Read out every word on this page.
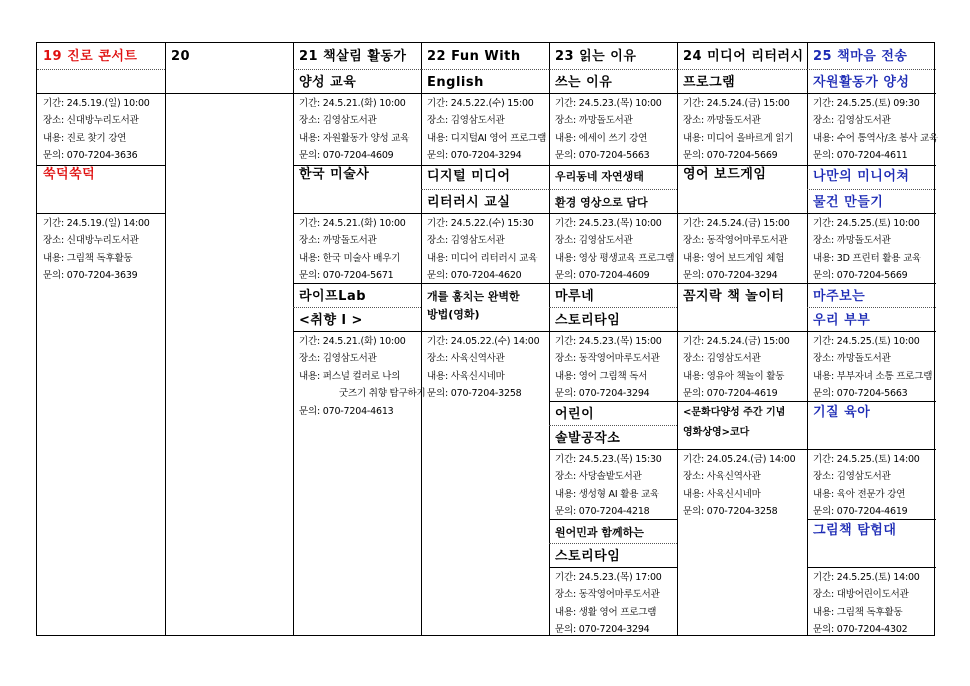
19 진로 콘서트
기간: 24.5.19.(일) 10:00
장소: 신대방누리도서관
내용: 진로 찾기 강연
문의: 070-7204-3636
쑥덕쑥덕
기간: 24.5.19.(일) 14:00
장소: 신대방누리도서관
내용: 그림책 독후활동
문의: 070-7204-3639
20	21 책살림 활동가
양성 교육
기간: 24.5.21.(화) 10:00
장소: 김영삼도서관
내용: 자원활동가 양성 교육
문의: 070-7204-4609
한국 미술사
기간: 24.5.21.(화) 10:00
장소: 까망돌도서관
내용: 한국 미술사 배우기
문의: 070-7204-5671
라이프Lab
<취향 l >
기간: 24.5.21.(화) 10:00
장소: 김영삼도서관
내용: 퍼스널 컬러로 나의
굿즈기 취향 탐구하기
문의: 070-7204-4613
22 Fun With
English
기간: 24.5.22.(수) 15:00
장소: 김영삼도서관
내용: 디지털AI 영어 프로그램
문의: 070-7204-3294
디지털 미디어
리터러시 교실
기간: 24.5.22.(수) 15:30
장소: 김영삼도서관
내용: 미디어 리터러시 교육
문의: 070-7204-4620
개를 훔치는 완벽한
방법(영화)
기간: 24.05.22.(수) 14:00
장소: 사육신역사관
내용: 사육신시네마
문의: 070-7204-3258
23 읽는 이유
쓰는 이유
기간: 24.5.23.(목) 10:00
장소: 까망돌도서관
내용: 에세이 쓰기 강연
문의: 070-7204-5663
우리동네 자연생태
환경 영상으로 담다
기간: 24.5.23.(목) 10:00
장소: 김영삼도서관
내용: 영상 평생교육 프로그램
문의: 070-7204-4609
마루네
스토리타임
기간: 24.5.23.(목) 15:00
장소: 동작영어마루도서관
내용: 영어 그림책 독서
문의: 070-7204-3294
어린이
솔발공작소
기간: 24.5.23.(목) 15:30
장소: 사당솔밭도서관
내용: 생성형 AI 활용 교육
문의: 070-7204-4218
원어민과 함께하는
스토리타임
기간: 24.5.23.(목) 17:00
장소: 동작영어마루도서관
내용: 생활 영어 프로그램
문의: 070-7204-3294
24 미디어 리터러시
프로그램
기간: 24.5.24.(금) 15:00
장소: 까망돌도서관
내용: 미디어 올바르게 읽기
문의: 070-7204-5669
영어 보드게임
기간: 24.5.24.(금) 15:00
장소: 동작영어마루도서관
내용: 영어 보드게임 체험
문의: 070-7204-3294
꼼지락 책 놀이터
기간: 24.5.24.(금) 15:00
장소: 김영삼도서관
내용: 영유아 책놀이 활동
문의: 070-7204-4619
<문화다양성 주간 기념
영화상영>코다
기간: 24.05.24.(금) 14:00
장소: 사육신역사관
내용: 사육신시네마
문의: 070-7204-3258
25 책마음 전송
자원활동가 양성
기간: 24.5.25.(토) 09:30
장소: 김영삼도서관
내용: 수어 통역사/초 봉사 교육
문의: 070-7204-4611
나만의 미니어쳐
물건 만들기
기간: 24.5.25.(토) 10:00
장소: 까망돌도서관
내용: 3D 프린터 활용 교육
문의: 070-7204-5669
마주보는
우리 부부
기간: 24.5.25.(토) 10:00
장소: 까망돌도서관
내용: 부부자녀 소통 프로그램
문의: 070-7204-5663
기질 육아
기간: 24.5.25.(토) 14:00
장소: 김영삼도서관
내용: 육아 전문가 강연
문의: 070-7204-4619
그림책 탐험대
기간: 24.5.25.(토) 14:00
장소: 대방어린이도서관
내용: 그림책 독후활동
문의: 070-7204-4302
